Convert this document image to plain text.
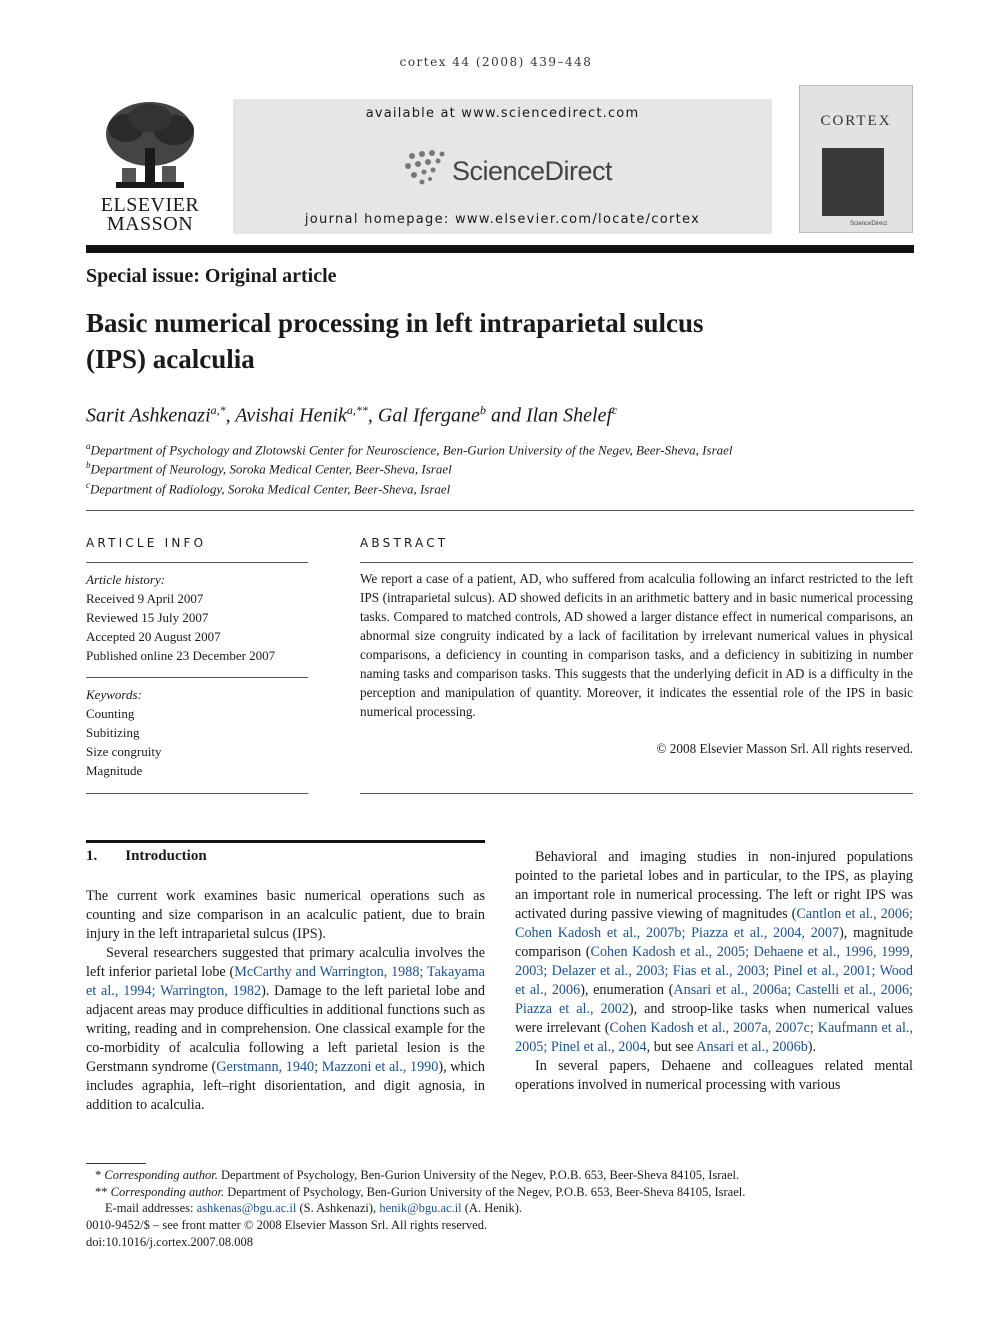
cortex 44 (2008) 439–448
ELSEVIER
MASSON
available at www.sciencedirect.com
ScienceDirect
journal homepage: www.elsevier.com/locate/cortex
CORTEX
ScienceDirect
Special issue: Original article
Basic numerical processing in left intraparietal sulcus
(IPS) acalculia
Sarit Ashkenazi$^{a,*}$, Avishai Henik$^{a,**}$, Gal Ifergane$^b$ and Ilan Shelef$^c$
$^a$Department of Psychology and Zlotowski Center for Neuroscience, Ben-Gurion University of the Negev, Beer-Sheva, Israel
$^b$Department of Neurology, Soroka Medical Center, Beer-Sheva, Israel
$^c$Department of Radiology, Soroka Medical Center, Beer-Sheva, Israel
ARTICLE INFO
Article history:
Received 9 April 2007
Reviewed 15 July 2007
Accepted 20 August 2007
Published online 23 December 2007
Keywords:
Counting
Subitizing
Size congruity
Magnitude
ABSTRACT
We report a case of a patient, AD, who suffered from acalculia following an infarct restricted to the left IPS (intraparietal sulcus). AD showed deficits in an arithmetic battery and in basic numerical processing tasks. Compared to matched controls, AD showed a larger distance effect in numerical comparisons, an abnormal size congruity indicated by a lack of facilitation by irrelevant numerical values in physical comparisons, a deficiency in counting in comparison tasks, and a deficiency in subitizing in number naming tasks and comparison tasks. This suggests that the underlying deficit in AD is a difficulty in the perception and manipulation of quantity. Moreover, it indicates the essential role of the IPS in basic numerical processing.
© 2008 Elsevier Masson Srl. All rights reserved.
1. Introduction

The current work examines basic numerical operations such as counting and size comparison in an acalculic patient, due to brain injury in the left intraparietal sulcus (IPS).

Several researchers suggested that primary acalculia involves the left inferior parietal lobe (McCarthy and Warrington, 1988; Takayama et al., 1994; Warrington, 1982). Damage to the left parietal lobe and adjacent areas may produce difficulties in additional functions such as writing, reading and in comprehension. One classical example for the co-morbidity of acalculia following a left parietal lesion is the Gerstmann syndrome (Gerstmann, 1940; Mazzoni et al., 1990), which includes agraphia, left–right disorientation, and digit agnosia, in addition to acalculia.

Behavioral and imaging studies in non-injured populations pointed to the parietal lobes and in particular, to the IPS, as playing an important role in numerical processing. The left or right IPS was activated during passive viewing of magnitudes (Cantlon et al., 2006; Cohen Kadosh et al., 2007b; Piazza et al., 2004, 2007), magnitude comparison (Cohen Kadosh et al., 2005; Dehaene et al., 1996, 1999, 2003; Delazer et al., 2003; Fias et al., 2003; Pinel et al., 2001; Wood et al., 2006), enumeration (Ansari et al., 2006a; Castelli et al., 2006; Piazza et al., 2002), and stroop-like tasks when numerical values were irrelevant (Cohen Kadosh et al., 2007a, 2007c; Kaufmann et al., 2005; Pinel et al., 2004, but see Ansari et al., 2006b).

In several papers, Dehaene and colleagues related mental operations involved in numerical processing with various

* Corresponding author. Department of Psychology, Ben-Gurion University of the Negev, P.O.B. 653, Beer-Sheva 84105, Israel.
** Corresponding author. Department of Psychology, Ben-Gurion University of the Negev, P.O.B. 653, Beer-Sheva 84105, Israel.
E-mail addresses: ashkenas@bgu.ac.il (S. Ashkenazi), henik@bgu.ac.il (A. Henik).
0010-9452/$ – see front matter © 2008 Elsevier Masson Srl. All rights reserved.
doi:10.1016/j.cortex.2007.08.008
